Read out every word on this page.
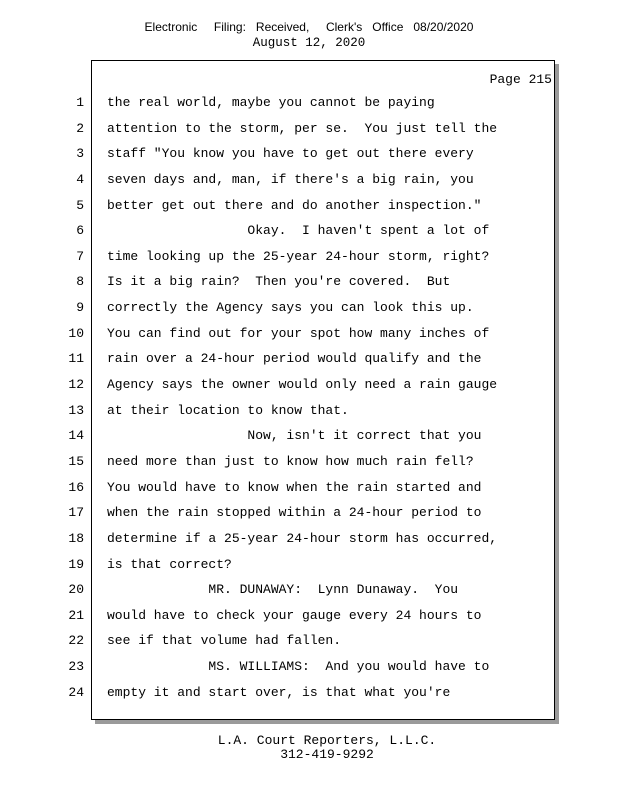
Electronic     Filing:   Received,     Clerk's   Office   08/20/2020
August 12, 2020
Page 215
1
2
3
4
5
6
7
8
9
10
11
12
13
14
15
16
17
18
19
20
21
22
23
24
the real world, maybe you cannot be paying
attention to the storm, per se.  You just tell the
staff "You know you have to get out there every
seven days and, man, if there's a big rain, you
better get out there and do another inspection."
Okay.  I haven't spent a lot of
time looking up the 25-year 24-hour storm, right?
Is it a big rain?  Then you're covered.  But
correctly the Agency says you can look this up.
You can find out for your spot how many inches of
rain over a 24-hour period would qualify and the
Agency says the owner would only need a rain gauge
at their location to know that.
Now, isn't it correct that you
need more than just to know how much rain fell?
You would have to know when the rain started and
when the rain stopped within a 24-hour period to
determine if a 25-year 24-hour storm has occurred,
is that correct?
MR. DUNAWAY:  Lynn Dunaway.  You
would have to check your gauge every 24 hours to
see if that volume had fallen.
MS. WILLIAMS:  And you would have to
empty it and start over, is that what you're
L.A. Court Reporters, L.L.C.
312-419-9292
